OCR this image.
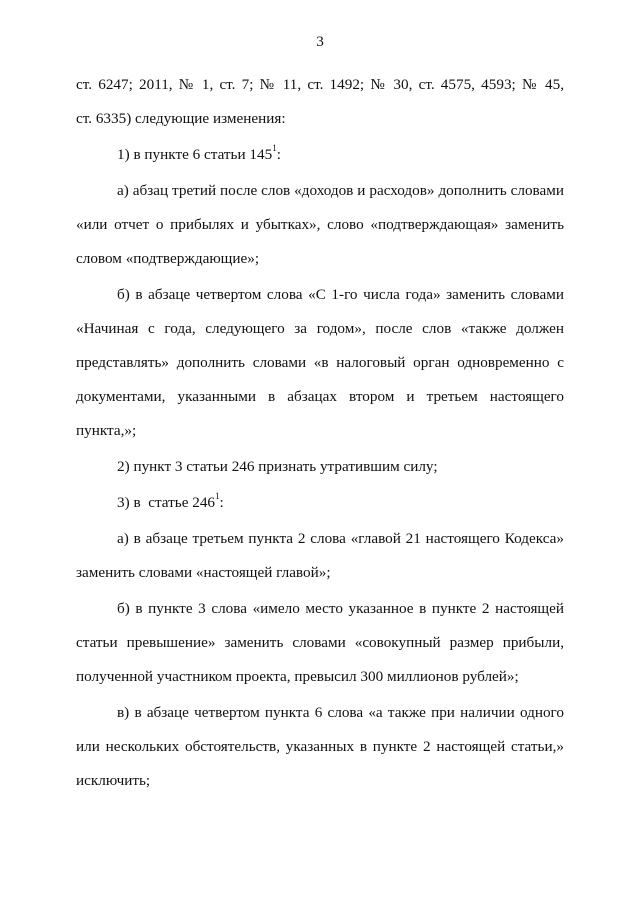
3
ст. 6247; 2011, № 1, ст. 7; № 11, ст. 1492; № 30, ст. 4575, 4593; № 45,
ст. 6335) следующие изменения:
1) в пункте 6 статьи $145^1$:
а) абзац третий после слов «доходов и расходов» дополнить словами
«или отчет о прибылях и убытках», слово «подтверждающая» заменить
словом «подтверждающие»;
б) в абзаце четвертом слова «С 1-го числа года» заменить словами
«Начиная с года, следующего за годом», после слов «также должен
представлять» дополнить словами «в налоговый орган одновременно с
документами, указанными в абзацах втором и третьем настоящего
пункта,»;
2) пункт 3 статьи 246 признать утратившим силу;
3) в  статье $246^1$:
а) в абзаце третьем пункта 2 слова «главой 21 настоящего Кодекса»
заменить словами «настоящей главой»;
б) в пункте 3 слова «имело место указанное в пункте 2 настоящей
статьи превышение» заменить словами «совокупный размер прибыли,
полученной участником проекта, превысил 300 миллионов рублей»;
в) в абзаце четвертом пункта 6 слова «а также при наличии одного
или нескольких обстоятельств, указанных в пункте 2 настоящей статьи,»
исключить;
